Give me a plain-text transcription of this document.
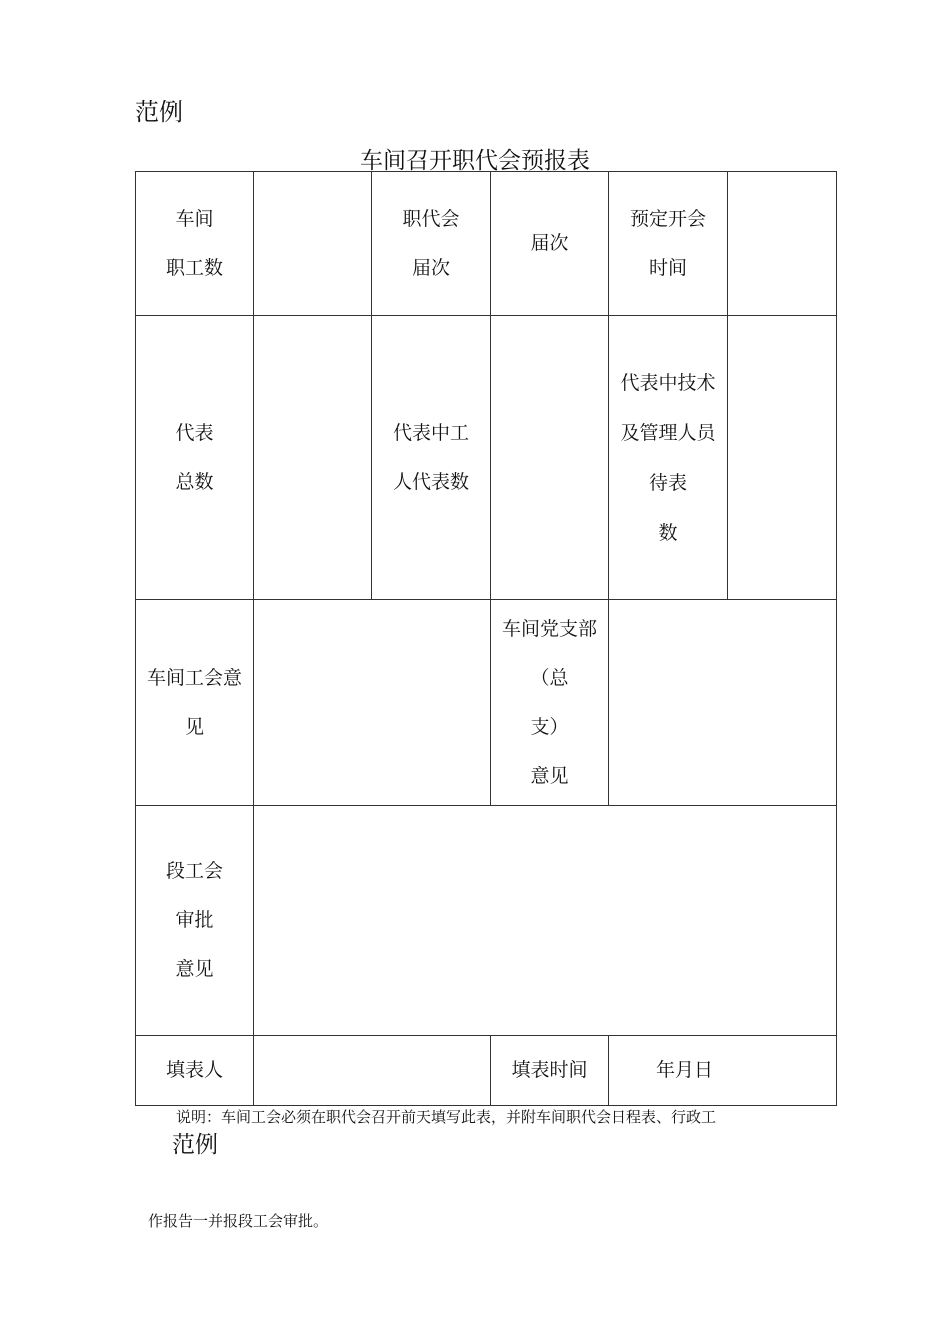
范例
车间召开职代会预报表
车间
职工数
职代会
届次
届次
预定开会
时间
代表
总数
代表中工
人代表数
代表中技术
及管理人员
待表
数
车间工会意
见
车间党支部
（总
支）
意见
段工会
审批
意见
填表人	填表时间	年月日
说明：车间工会必须在职代会召开前天填写此表，并附车间职代会日程表、行政工
范例
作报告一并报段工会审批。
